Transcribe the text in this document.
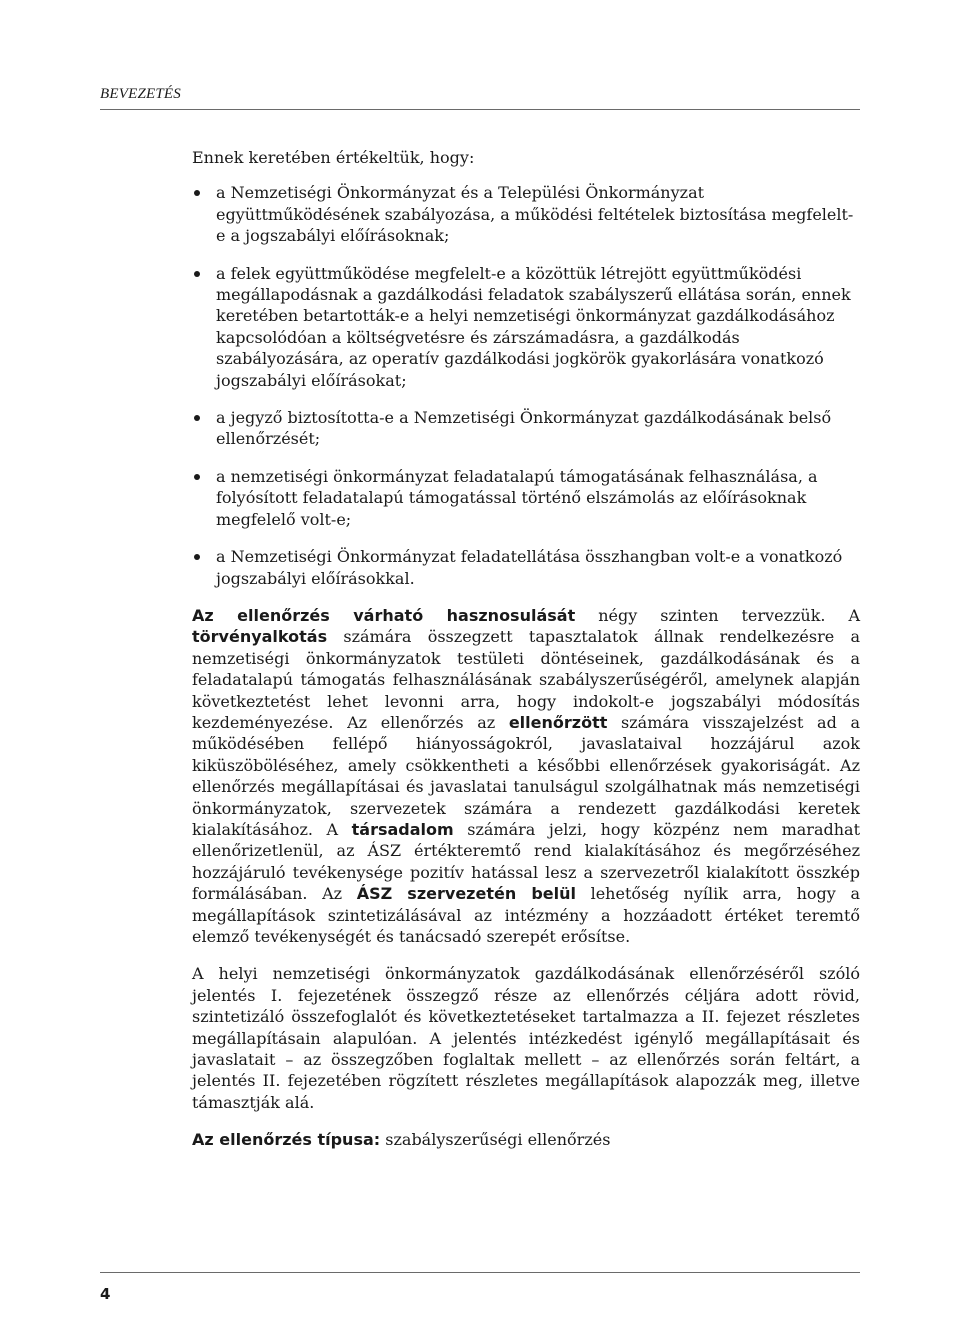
BEVEZETÉS

Ennek keretében értékeltük, hogy:

a Nemzetiségi Önkormányzat és a Települési Önkormányzat együttműködésének szabályozása, a működési feltételek biztosítása megfelelt-e a jogszabályi előírásoknak;
a felek együttműködése megfelelt-e a közöttük létrejött együttműködési megállapodásnak a gazdálkodási feladatok szabályszerű ellátása során, ennek keretében betartották-e a helyi nemzetiségi önkormányzat gazdálkodásához kapcsolódóan a költségvetésre és zárszámadásra, a gazdálkodás szabályozására, az operatív gazdálkodási jogkörök gyakorlására vonatkozó jogszabályi előírásokat;
a jegyző biztosította-e a Nemzetiségi Önkormányzat gazdálkodásának belső ellenőrzését;
a nemzetiségi önkormányzat feladatalapú támogatásának felhasználása, a folyósított feladatalapú támogatással történő elszámolás az előírásoknak megfelelő volt-e;
a Nemzetiségi Önkormányzat feladatellátása összhangban volt-e a vonatkozó jogszabályi előírásokkal.

Az ellenőrzés várható hasznosulását négy szinten tervezzük. A törvényalkotás számára összegzett tapasztalatok állnak rendelkezésre a nemzetiségi önkormányzatok testületi döntéseinek, gazdálkodásának és a feladatalapú támogatás felhasználásának szabályszerűségéről, amelynek alapján következtetést lehet levonni arra, hogy indokolt-e jogszabályi módosítás kezdeményezése. Az ellenőrzés az ellenőrzött számára visszajelzést ad a működésében fellépő hiányosságokról, javaslataival hozzájárul azok kiküszöböléséhez, amely csökkentheti a későbbi ellenőrzések gyakoriságát. Az ellenőrzés megállapításai és javaslatai tanulságul szolgálhatnak más nemzetiségi önkormányzatok, szervezetek számára a rendezett gazdálkodási keretek kialakításához. A társadalom számára jelzi, hogy közpénz nem maradhat ellenőrizetlenül, az ÁSZ értékteremtő rend kialakításához és megőrzéséhez hozzájáruló tevékenysége pozitív hatással lesz a szervezetről kialakított összkép formálásában. Az ÁSZ szervezetén belül lehetőség nyílik arra, hogy a megállapítások szintetizálásával az intézmény a hozzáadott értéket teremtő elemző tevékenységét és tanácsadó szerepét erősítse.

A helyi nemzetiségi önkormányzatok gazdálkodásának ellenőrzéséről szóló jelentés I. fejezetének összegző része az ellenőrzés céljára adott rövid, szintetizáló összefoglalót és következtetéseket tartalmazza a II. fejezet részletes megállapításain alapulóan. A jelentés intézkedést igénylő megállapításait és javaslatait – az összegzőben foglaltak mellett – az ellenőrzés során feltárt, a jelentés II. fejezetében rögzített részletes megállapítások alapozzák meg, illetve támasztják alá.

Az ellenőrzés típusa: szabályszerűségi ellenőrzés

4
